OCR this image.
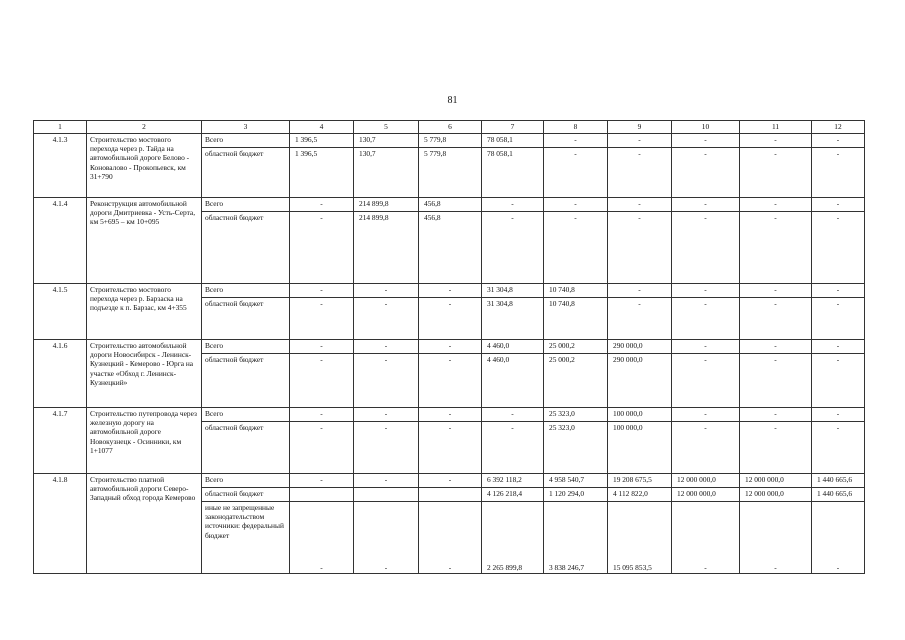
81
1	2	3	4	5	6	7	8	9	10	11	12
4.1.3	Строительство мостового перехода через р. Тайда на автомобильной дороге Белово - Коновалово - Прокопьевск, км 31+790	Всего	1 396,5	130,7	5 779,8	78 058,1	-	-	-	-	-
		областной бюджет	1 396,5	130,7	5 779,8	78 058,1	-	-	-	-	-
4.1.4	Реконструкция автомобильной дороги Дмитриевка - Усть-Серта, км 5+695 – км 10+095	Всего	-	214 899,8	456,8	-	-	-	-	-	-
		областной бюджет	-	214 899,8	456,8	-	-	-	-	-	-
4.1.5	Строительство мостового перехода через р. Барзаска на подъезде к п. Барзас, км 4+355	Всего	-	-	-	31 304,8	10 740,8	-	-	-	-
		областной бюджет	-	-	-	31 304,8	10 740,8	-	-	-	-
4.1.6	Строительство автомобильной дороги Новосибирск - Ленинск-Кузнецкий - Кемерово - Юрга на участке «Обход г. Ленинск-Кузнецкий»	Всего	-	-	-	4 460,0	25 000,2	290 000,0	-	-	-
		областной бюджет	-	-	-	4 460,0	25 000,2	290 000,0	-	-	-
4.1.7	Строительство путепровода через железную дорогу на автомобильной дороге Новокузнецк - Осинники, км 1+1077	Всего	-	-	-	-	25 323,0	100 000,0	-	-	-
		областной бюджет	-	-	-	-	25 323,0	100 000,0	-	-	-
4.1.8	Строительство платной автомобильной дороги Северо-Западный обход города Кемерово	Всего	-	-	-	6 392 118,2	4 958 540,7	19 208 675,5	12 000 000,0	12 000 000,0	1 440 665,6
		областной бюджет				4 126 218,4	1 120 294,0	4 112 822,0	12 000 000,0	12 000 000,0	1 440 665,6
		иные не запрещенные законодательством источники: федеральный бюджет	-	-	-	2 265 899,8	3 838 246,7	15 095 853,5	-	-	-
